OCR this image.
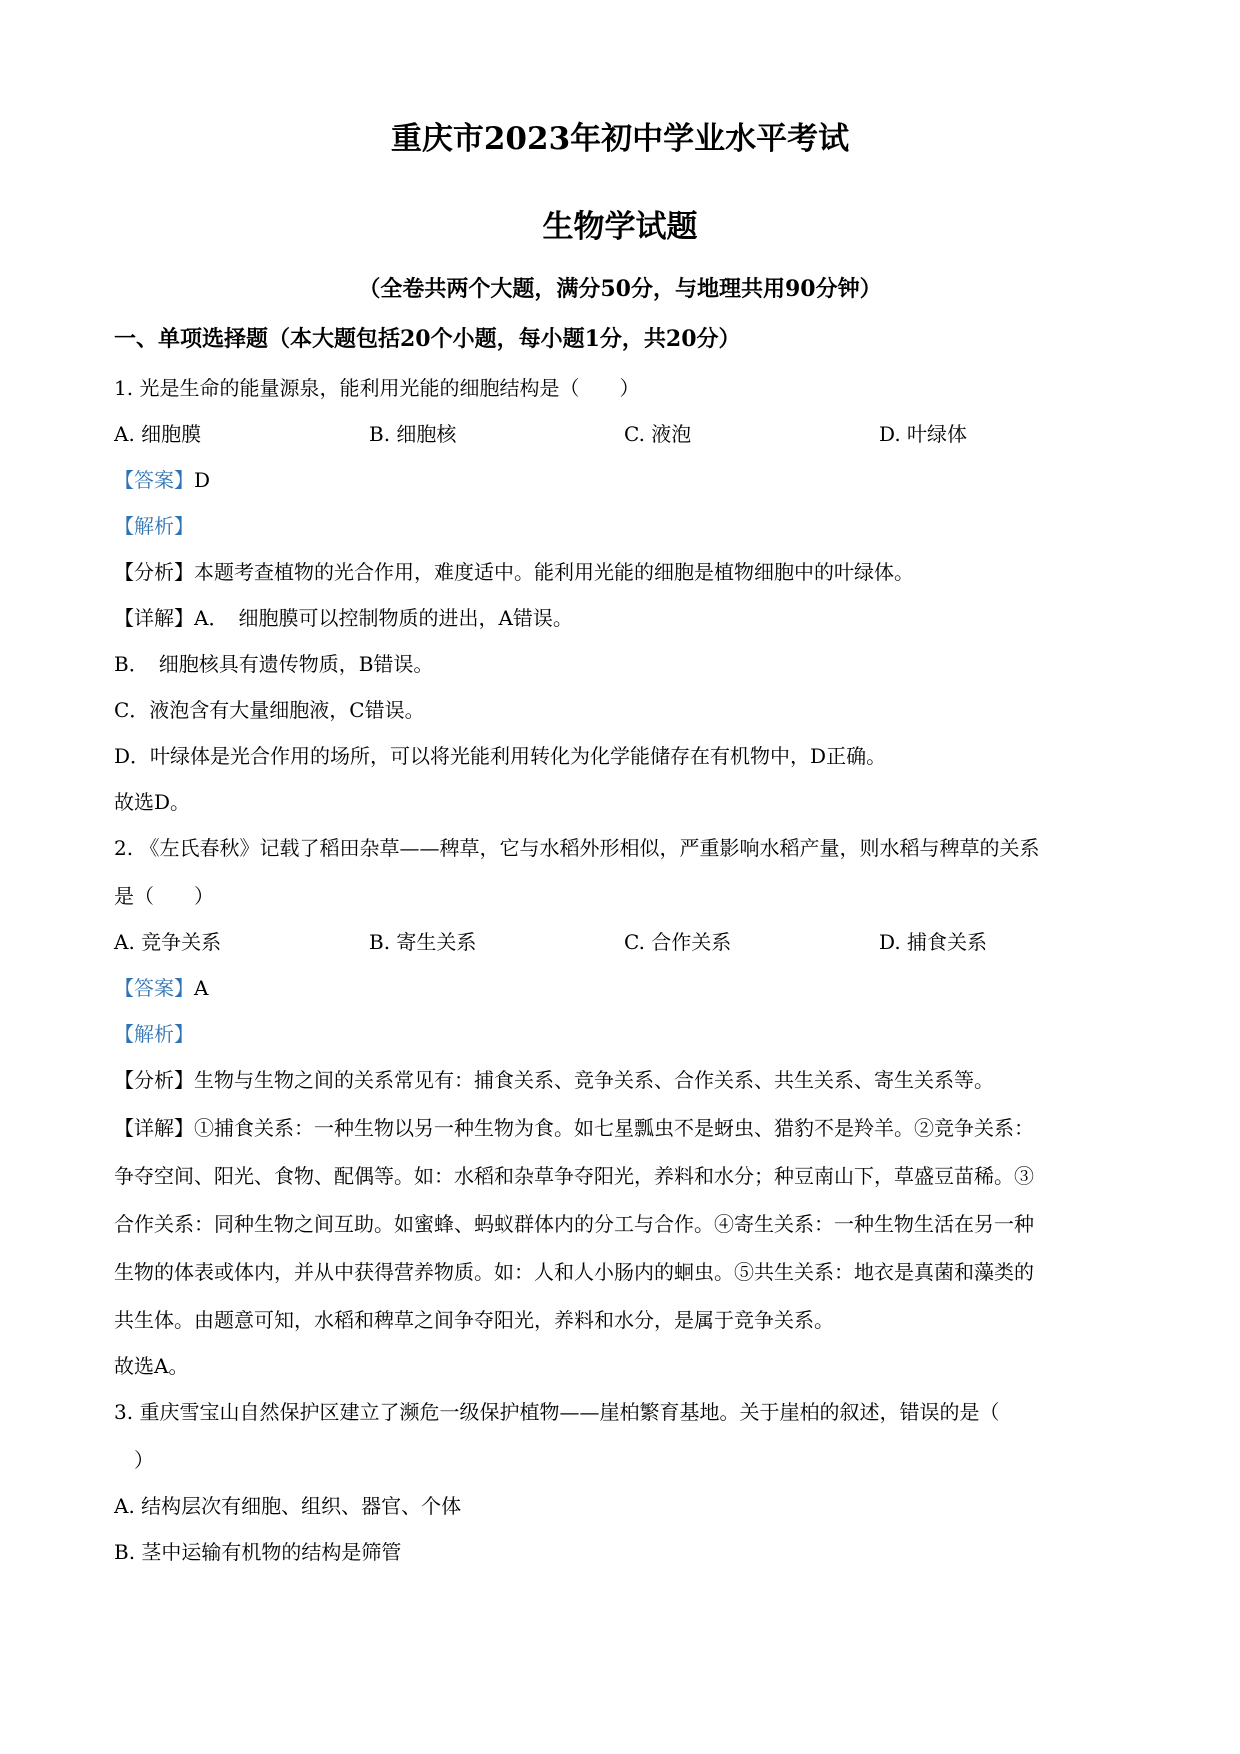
重庆市2023年初中学业水平考试
生物学试题
（全卷共两个大题，满分50分，与地理共用90分钟）
一、单项选择题（本大题包括20个小题，每小题1分，共20分）
1. 光是生命的能量源泉，能利用光能的细胞结构是（　　）
A. 细胞膜	B. 细胞核	C. 液泡	D. 叶绿体
【答案】D
【解析】
【分析】本题考查植物的光合作用，难度适中。能利用光能的细胞是植物细胞中的叶绿体。
【详解】A．　细胞膜可以控制物质的进出，A错误。
B．　细胞核具有遗传物质，B错误。
C．液泡含有大量细胞液，C错误。
D．叶绿体是光合作用的场所，可以将光能利用转化为化学能储存在有机物中，D正确。
故选D。
2. 《左氏春秋》记载了稻田杂草——稗草，它与水稻外形相似，严重影响水稻产量，则水稻与稗草的关系
是（　　）
A. 竞争关系	B. 寄生关系	C. 合作关系	D. 捕食关系
【答案】A
【解析】
【分析】生物与生物之间的关系常见有：捕食关系、竞争关系、合作关系、共生关系、寄生关系等。
【详解】①捕食关系：一种生物以另一种生物为食。如七星瓢虫不是蚜虫、猎豹不是羚羊。②竞争关系：
争夺空间、阳光、食物、配偶等。如：水稻和杂草争夺阳光，养料和水分；种豆南山下，草盛豆苗稀。③
合作关系：同种生物之间互助。如蜜蜂、蚂蚁群体内的分工与合作。④寄生关系：一种生物生活在另一种
生物的体表或体内，并从中获得营养物质。如：人和人小肠内的蛔虫。⑤共生关系：地衣是真菌和藻类的
共生体。由题意可知，水稻和稗草之间争夺阳光，养料和水分，是属于竞争关系。
故选A。
3. 重庆雪宝山自然保护区建立了濒危一级保护植物——崖柏繁育基地。关于崖柏的叙述，错误的是（
）
A. 结构层次有细胞、组织、器官、个体
B. 茎中运输有机物的结构是筛管
